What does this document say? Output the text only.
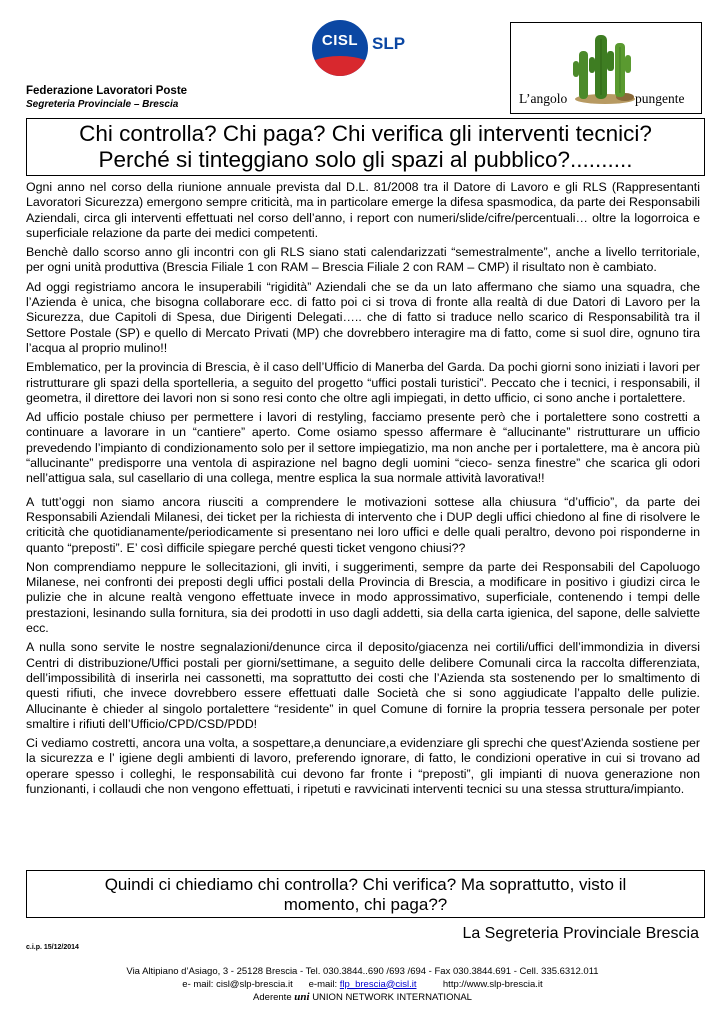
CISL SLP
Federazione Lavoratori Poste
Segreteria Provinciale – Brescia	L’angolo	pungente
Chi controlla? Chi paga? Chi verifica gli interventi tecnici?
Perché si tinteggiano solo gli spazi al pubblico?..........

Ogni anno nel corso della riunione annuale prevista dal D.L. 81/2008 tra il Datore di Lavoro e gli RLS (Rappresentanti Lavoratori Sicurezza) emergono sempre criticità, ma in particolare emerge la difesa spasmodica, da parte dei Responsabili Aziendali, circa gli interventi effettuati nel corso dell’anno, i report con numeri/slide/cifre/percentuali… oltre la logorroica e superficiale relazione da parte dei medici competenti.

Benchè dallo scorso anno gli incontri con gli RLS siano stati calendarizzati “semestralmente”, anche a livello territoriale, per ogni unità produttiva (Brescia Filiale 1 con RAM – Brescia Filiale 2 con RAM – CMP) il risultato non è cambiato.

Ad oggi registriamo ancora le insuperabili “rigidità” Aziendali che se da un lato affermano che siamo una squadra, che l’Azienda è unica, che bisogna collaborare ecc. di fatto poi ci si trova di fronte alla realtà di due Datori di Lavoro per la Sicurezza, due Capitoli di Spesa, due Dirigenti Delegati….. che di fatto si traduce nello scarico di Responsabilità tra il Settore Postale (SP) e quello di Mercato Privati (MP) che dovrebbero interagire ma di fatto, come si suol dire, ognuno tira l’acqua al proprio mulino!!

Emblematico, per la provincia di Brescia, è il caso dell’Ufficio di Manerba del Garda. Da pochi giorni sono iniziati i lavori per ristrutturare gli spazi della sportelleria, a seguito del progetto “uffici postali turistici”. Peccato che i tecnici, i responsabili, il geometra, il direttore dei lavori non si sono resi conto che oltre agli impiegati, in detto ufficio, ci sono anche i portalettere.

Ad ufficio postale chiuso per permettere i lavori di restyling, facciamo presente però che i portalettere sono costretti a continuare a lavorare in un “cantiere” aperto. Come osiamo spesso affermare è “allucinante” ristrutturare un ufficio prevedendo l’impianto di condizionamento solo per il settore impiegatizio, ma non anche per i portalettere, ma è ancora più “allucinante” predisporre una ventola di aspirazione nel bagno degli uomini “cieco- senza finestre” che scarica gli odori nell’attigua sala, sul casellario di una collega, mentre esplica la sua normale attività lavorativa!!

A tutt’oggi non siamo ancora riusciti a comprendere le motivazioni sottese alla chiusura “d’ufficio”, da parte dei Responsabili Aziendali Milanesi, dei ticket per la richiesta di intervento che i DUP degli uffici chiedono al fine di risolvere le criticità che quotidianamente/periodicamente si presentano nei loro uffici e delle quali peraltro, devono poi risponderne in quanto “preposti”. E’ così difficile spiegare perché questi ticket vengono chiusi??

Non comprendiamo neppure le sollecitazioni, gli inviti, i suggerimenti, sempre da parte dei Responsabili del Capoluogo Milanese, nei confronti dei preposti degli uffici postali della Provincia di Brescia, a modificare in positivo i giudizi circa le pulizie che in alcune realtà vengono effettuate invece in modo approssimativo, superficiale, contenendo i tempi delle prestazioni, lesinando sulla fornitura, sia dei prodotti in uso dagli addetti, sia della carta igienica, del sapone, delle salviette ecc.

A nulla sono servite le nostre segnalazioni/denunce circa il deposito/giacenza nei cortili/uffici dell’immondizia in diversi Centri di distribuzione/Uffici postali per giorni/settimane, a seguito delle delibere Comunali circa la raccolta differenziata, dell’impossibilità di inserirla nei cassonetti, ma soprattutto dei costi che l’Azienda sta sostenendo per lo smaltimento di questi rifiuti, che invece dovrebbero essere effettuati dalle Società che si sono aggiudicate l’appalto delle pulizie. Allucinante è chieder al singolo portalettere “residente” in quel Comune di fornire la propria tessera personale per poter smaltire i rifiuti dell’Ufficio/CPD/CSD/PDD!

Ci vediamo costretti, ancora una volta, a sospettare,a denunciare,a evidenziare gli sprechi che quest’Azienda sostiene per la sicurezza e l’ igiene degli ambienti di lavoro, preferendo ignorare, di fatto, le condizioni operative in cui si trovano ad operare spesso i colleghi, le responsabilità cui devono far fronte i “preposti”, gli impianti di nuova generazione non funzionanti, i collaudi che non vengono effettuati, i ripetuti e ravvicinati interventi tecnici su una stessa struttura/impianto.

Quindi ci chiediamo chi controlla? Chi verifica? Ma soprattutto, visto il
momento, chi paga??
La Segreteria Provinciale Brescia
c.i.p. 15/12/2014
Via Altipiano d’Asiago, 3 - 25128 Brescia - Tel. 030.3844..690 /693 /694 - Fax 030.3844.691 - Cell. 335.6312.011
e- mail: cisl@slp-brescia.it e-mail: flp_brescia@cisl.it	http://www.slp-brescia.it
Aderente uni UNION NETWORK INTERNATIONAL
